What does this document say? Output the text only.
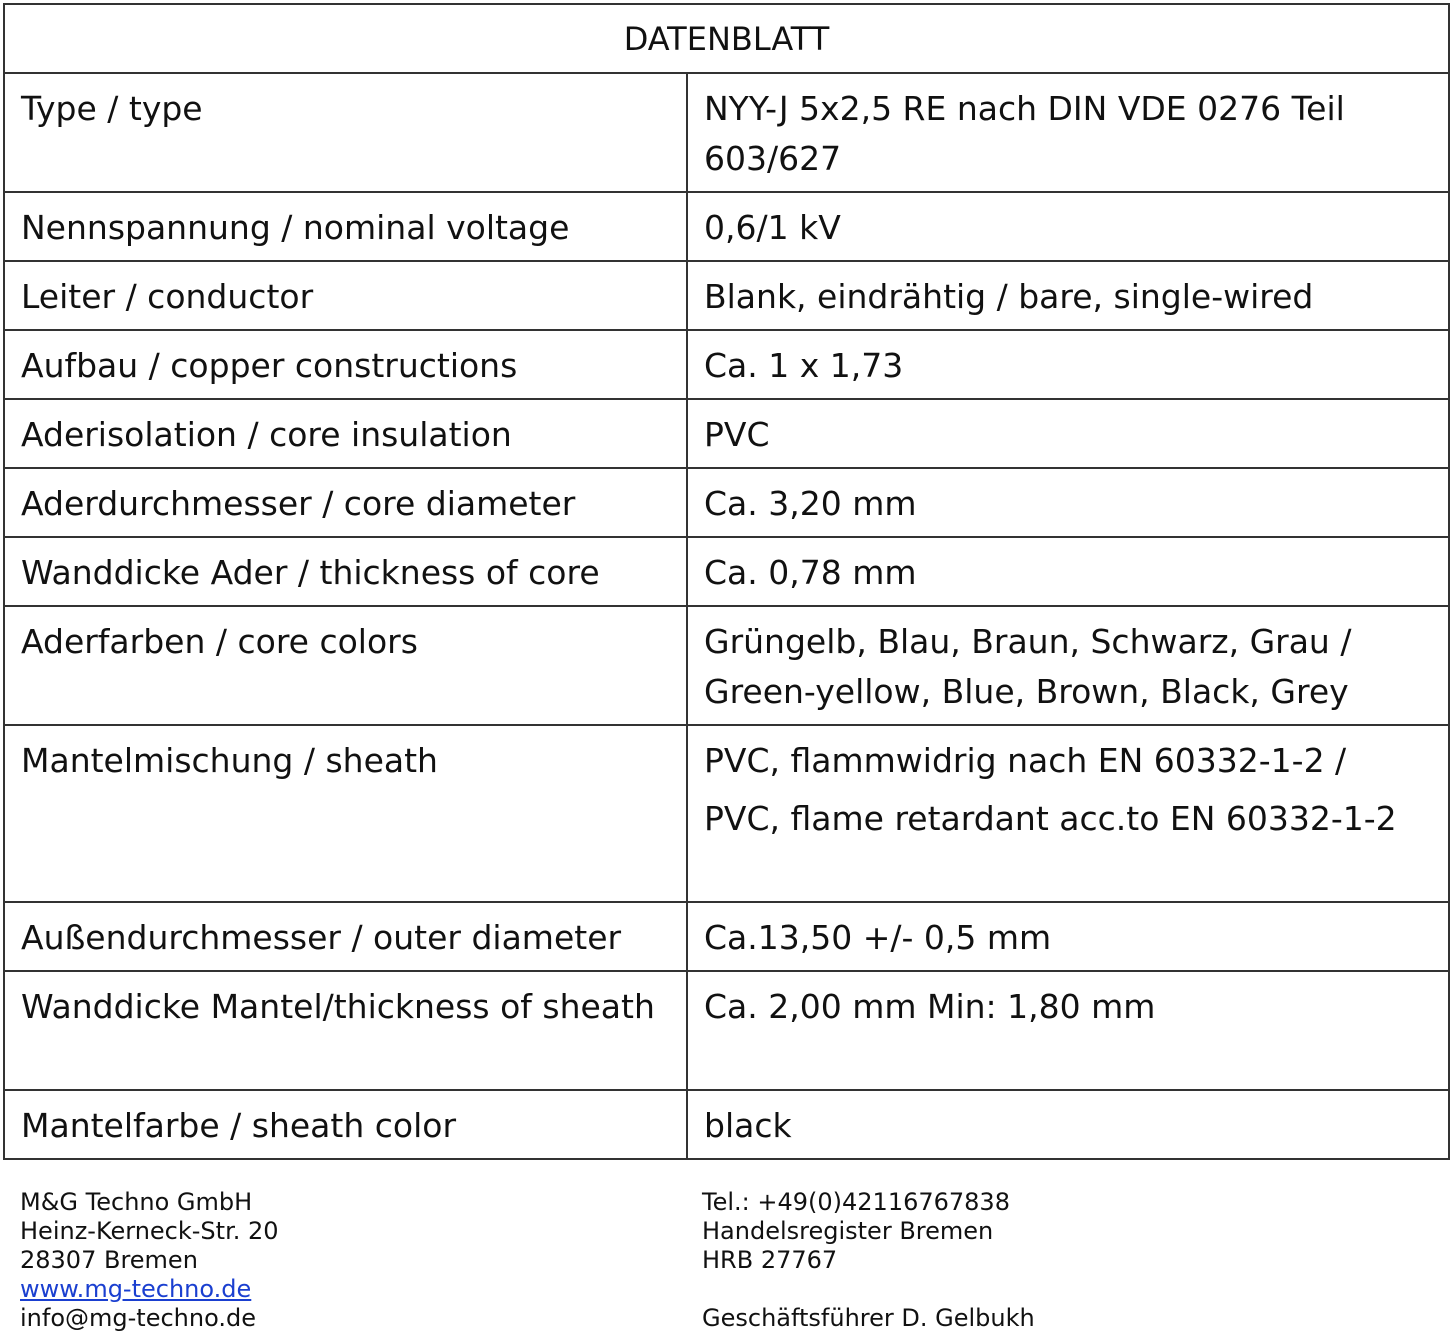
DATENBLATT	
Type / type	NYY-J 5x2,5 RE nach DIN VDE 0276 Teil 603/627
Nennspannung / nominal voltage	0,6/1 kV
Leiter / conductor	Blank, eindrähtig / bare, single-wired
Aufbau / copper constructions	Ca. 1 x 1,73
Aderisolation / core insulation	PVC
Aderdurchmesser / core diameter	Ca. 3,20 mm
Wanddicke Ader / thickness of core	Ca. 0,78 mm
Aderfarben / core colors	Grüngelb, Blau, Braun, Schwarz, Grau / Green-yellow, Blue, Brown, Black, Grey
Mantelmischung / sheath	PVC, flammwidrig nach EN 60332-1-2 /
PVC, flame retardant acc.to EN 60332-1-2

Außendurchmesser / outer diameter	Ca.13,50 +/- 0,5 mm
Wanddicke Mantel/thickness of sheath	Ca. 2,00 mm Min: 1,80 mm
Mantelfarbe / sheath color	black
M&G Techno GmbH
Heinz-Kerneck-Str. 20
28307 Bremen
www.mg-techno.de
info@mg-techno.de
Tel.: +49(0)42116767838
Handelsregister Bremen
HRB 27767
Geschäftsführer D. Gelbukh
